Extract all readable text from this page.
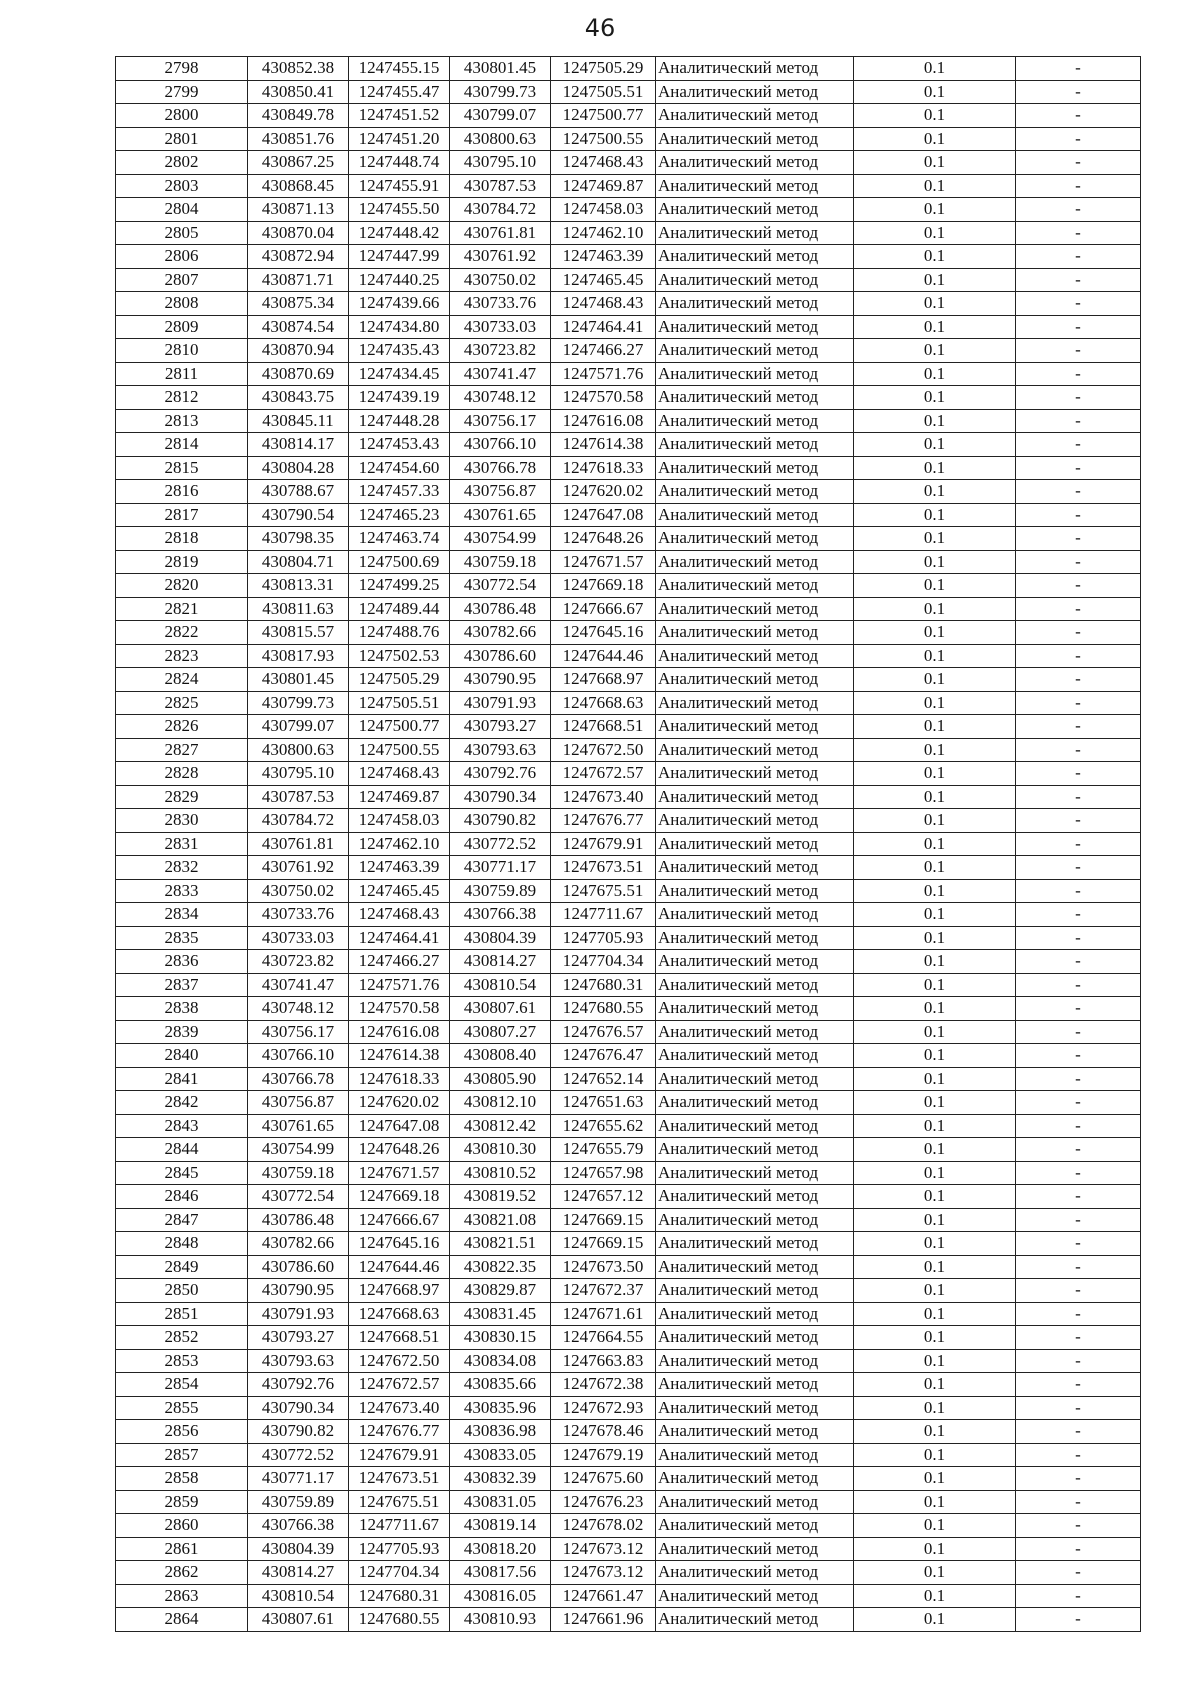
46
2798	430852.38	1247455.15	430801.45	1247505.29	Аналитический метод	0.1	-
2799	430850.41	1247455.47	430799.73	1247505.51	Аналитический метод	0.1	-
2800	430849.78	1247451.52	430799.07	1247500.77	Аналитический метод	0.1	-
2801	430851.76	1247451.20	430800.63	1247500.55	Аналитический метод	0.1	-
2802	430867.25	1247448.74	430795.10	1247468.43	Аналитический метод	0.1	-
2803	430868.45	1247455.91	430787.53	1247469.87	Аналитический метод	0.1	-
2804	430871.13	1247455.50	430784.72	1247458.03	Аналитический метод	0.1	-
2805	430870.04	1247448.42	430761.81	1247462.10	Аналитический метод	0.1	-
2806	430872.94	1247447.99	430761.92	1247463.39	Аналитический метод	0.1	-
2807	430871.71	1247440.25	430750.02	1247465.45	Аналитический метод	0.1	-
2808	430875.34	1247439.66	430733.76	1247468.43	Аналитический метод	0.1	-
2809	430874.54	1247434.80	430733.03	1247464.41	Аналитический метод	0.1	-
2810	430870.94	1247435.43	430723.82	1247466.27	Аналитический метод	0.1	-
2811	430870.69	1247434.45	430741.47	1247571.76	Аналитический метод	0.1	-
2812	430843.75	1247439.19	430748.12	1247570.58	Аналитический метод	0.1	-
2813	430845.11	1247448.28	430756.17	1247616.08	Аналитический метод	0.1	-
2814	430814.17	1247453.43	430766.10	1247614.38	Аналитический метод	0.1	-
2815	430804.28	1247454.60	430766.78	1247618.33	Аналитический метод	0.1	-
2816	430788.67	1247457.33	430756.87	1247620.02	Аналитический метод	0.1	-
2817	430790.54	1247465.23	430761.65	1247647.08	Аналитический метод	0.1	-
2818	430798.35	1247463.74	430754.99	1247648.26	Аналитический метод	0.1	-
2819	430804.71	1247500.69	430759.18	1247671.57	Аналитический метод	0.1	-
2820	430813.31	1247499.25	430772.54	1247669.18	Аналитический метод	0.1	-
2821	430811.63	1247489.44	430786.48	1247666.67	Аналитический метод	0.1	-
2822	430815.57	1247488.76	430782.66	1247645.16	Аналитический метод	0.1	-
2823	430817.93	1247502.53	430786.60	1247644.46	Аналитический метод	0.1	-
2824	430801.45	1247505.29	430790.95	1247668.97	Аналитический метод	0.1	-
2825	430799.73	1247505.51	430791.93	1247668.63	Аналитический метод	0.1	-
2826	430799.07	1247500.77	430793.27	1247668.51	Аналитический метод	0.1	-
2827	430800.63	1247500.55	430793.63	1247672.50	Аналитический метод	0.1	-
2828	430795.10	1247468.43	430792.76	1247672.57	Аналитический метод	0.1	-
2829	430787.53	1247469.87	430790.34	1247673.40	Аналитический метод	0.1	-
2830	430784.72	1247458.03	430790.82	1247676.77	Аналитический метод	0.1	-
2831	430761.81	1247462.10	430772.52	1247679.91	Аналитический метод	0.1	-
2832	430761.92	1247463.39	430771.17	1247673.51	Аналитический метод	0.1	-
2833	430750.02	1247465.45	430759.89	1247675.51	Аналитический метод	0.1	-
2834	430733.76	1247468.43	430766.38	1247711.67	Аналитический метод	0.1	-
2835	430733.03	1247464.41	430804.39	1247705.93	Аналитический метод	0.1	-
2836	430723.82	1247466.27	430814.27	1247704.34	Аналитический метод	0.1	-
2837	430741.47	1247571.76	430810.54	1247680.31	Аналитический метод	0.1	-
2838	430748.12	1247570.58	430807.61	1247680.55	Аналитический метод	0.1	-
2839	430756.17	1247616.08	430807.27	1247676.57	Аналитический метод	0.1	-
2840	430766.10	1247614.38	430808.40	1247676.47	Аналитический метод	0.1	-
2841	430766.78	1247618.33	430805.90	1247652.14	Аналитический метод	0.1	-
2842	430756.87	1247620.02	430812.10	1247651.63	Аналитический метод	0.1	-
2843	430761.65	1247647.08	430812.42	1247655.62	Аналитический метод	0.1	-
2844	430754.99	1247648.26	430810.30	1247655.79	Аналитический метод	0.1	-
2845	430759.18	1247671.57	430810.52	1247657.98	Аналитический метод	0.1	-
2846	430772.54	1247669.18	430819.52	1247657.12	Аналитический метод	0.1	-
2847	430786.48	1247666.67	430821.08	1247669.15	Аналитический метод	0.1	-
2848	430782.66	1247645.16	430821.51	1247669.15	Аналитический метод	0.1	-
2849	430786.60	1247644.46	430822.35	1247673.50	Аналитический метод	0.1	-
2850	430790.95	1247668.97	430829.87	1247672.37	Аналитический метод	0.1	-
2851	430791.93	1247668.63	430831.45	1247671.61	Аналитический метод	0.1	-
2852	430793.27	1247668.51	430830.15	1247664.55	Аналитический метод	0.1	-
2853	430793.63	1247672.50	430834.08	1247663.83	Аналитический метод	0.1	-
2854	430792.76	1247672.57	430835.66	1247672.38	Аналитический метод	0.1	-
2855	430790.34	1247673.40	430835.96	1247672.93	Аналитический метод	0.1	-
2856	430790.82	1247676.77	430836.98	1247678.46	Аналитический метод	0.1	-
2857	430772.52	1247679.91	430833.05	1247679.19	Аналитический метод	0.1	-
2858	430771.17	1247673.51	430832.39	1247675.60	Аналитический метод	0.1	-
2859	430759.89	1247675.51	430831.05	1247676.23	Аналитический метод	0.1	-
2860	430766.38	1247711.67	430819.14	1247678.02	Аналитический метод	0.1	-
2861	430804.39	1247705.93	430818.20	1247673.12	Аналитический метод	0.1	-
2862	430814.27	1247704.34	430817.56	1247673.12	Аналитический метод	0.1	-
2863	430810.54	1247680.31	430816.05	1247661.47	Аналитический метод	0.1	-
2864	430807.61	1247680.55	430810.93	1247661.96	Аналитический метод	0.1	-
